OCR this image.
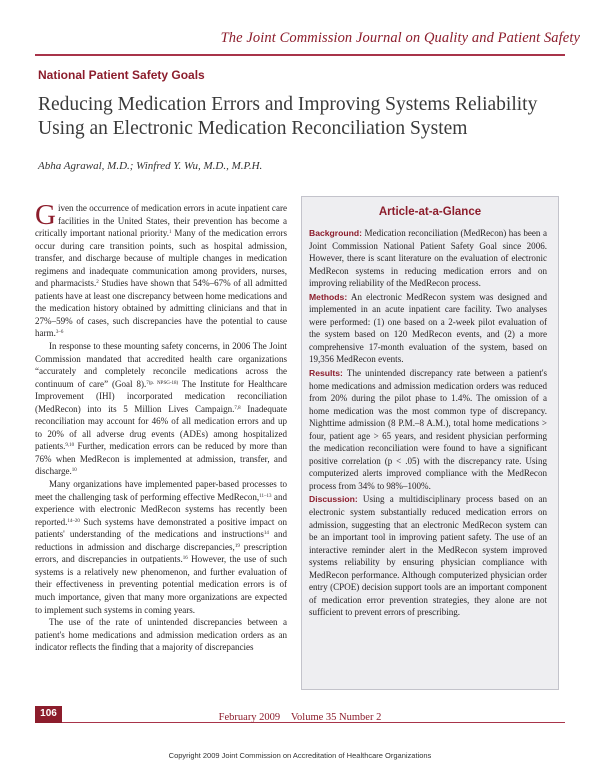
The Joint Commission Journal on Quality and Patient Safety
National Patient Safety Goals
Reducing Medication Errors and Improving Systems Reliability
Using an Electronic Medication Reconciliation System
Abha Agrawal, M.D.; Winfred Y. Wu, M.D., M.P.H.

Given the occurrence of medication errors in acute inpatient care facilities in the United States, their prevention has become a critically important national priority.$^1$ Many of the medication errors occur during care transition points, such as hospital admission, transfer, and discharge because of multiple changes in medication regimens and inadequate communication among providers, nurses, and pharmacists.$^2$ Studies have shown that 54%–67% of all admitted patients have at least one discrepancy between home medications and the medication history obtained by admitting clinicians and that in 27%–59% of cases, such discrepancies have the potential to cause harm.$^{3-6}$

In response to these mounting safety concerns, in 2006 The Joint Commission mandated that accredited health care organizations “accurately and completely reconcile medications across the continuum of care” (Goal 8).$^{7(p. NPSG-18)}$ The Institute for Healthcare Improvement (IHI) incorporated medication reconciliation (MedRecon) into its 5 Million Lives Campaign.$^{7,8}$ Inadequate reconciliation may account for 46% of all medication errors and up to 20% of all adverse drug events (ADEs) among hospitalized patients.$^{9,10}$ Further, medication errors can be reduced by more than 76% when MedRecon is implemented at admission, transfer, and discharge.$^{10}$

Many organizations have implemented paper-based processes to meet the challenging task of performing effective MedRecon,$^{11-13}$ and experience with electronic MedRecon systems has recently been reported.$^{14-20}$ Such systems have demonstrated a positive impact on patients' understanding of the medications and instructions$^{14}$ and reductions in admission and discharge discrepancies,$^{19}$ prescription errors, and discrepancies in outpatients.$^{16}$ However, the use of such systems is a relatively new phenomenon, and further evaluation of their effectiveness in preventing potential medication errors is of much importance, given that many more organizations are expected to implement such systems in coming years.

The use of the rate of unintended discrepancies between a patient's home medications and admission medication orders as an indicator reflects the finding that a majority of discrepancies

Article-at-a-Glance

Background: Medication reconciliation (MedRecon) has been a Joint Commission National Patient Safety Goal since 2006. However, there is scant literature on the evaluation of electronic MedRecon systems in reducing medication errors and on improving reliability of the MedRecon process.

Methods: An electronic MedRecon system was designed and implemented in an acute inpatient care facility. Two analyses were performed: (1) one based on a 2-week pilot evaluation of the system based on 120 MedRecon events, and (2) a more comprehensive 17-month evaluation of the system, based on 19,356 MedRecon events.

Results: The unintended discrepancy rate between a patient's home medications and admission medication orders was reduced from 20% during the pilot phase to 1.4%. The omission of a home medication was the most common type of discrepancy. Nighttime admission (8 P.M.–8 A.M.), total home medications > four, patient age > 65 years, and resident physician performing the medication reconciliation were found to have a significant positive correlation (p < .05) with the discrepancy rate. Using computerized alerts improved compliance with the MedRecon process from 34% to 98%–100%.

Discussion: Using a multidisciplinary process based on an electronic system substantially reduced medication errors on admission, suggesting that an electronic MedRecon system can be an important tool in improving patient safety. The use of an interactive reminder alert in the MedRecon system improved systems reliability by ensuring physician compliance with MedRecon performance. Although computerized physician order entry (CPOE) decision support tools are an important component of medication error prevention strategies, they alone are not sufficient to prevent errors of prescribing.

106	February 2009 Volume 35 Number 2
Copyright 2009 Joint Commission on Accreditation of Healthcare Organizations
